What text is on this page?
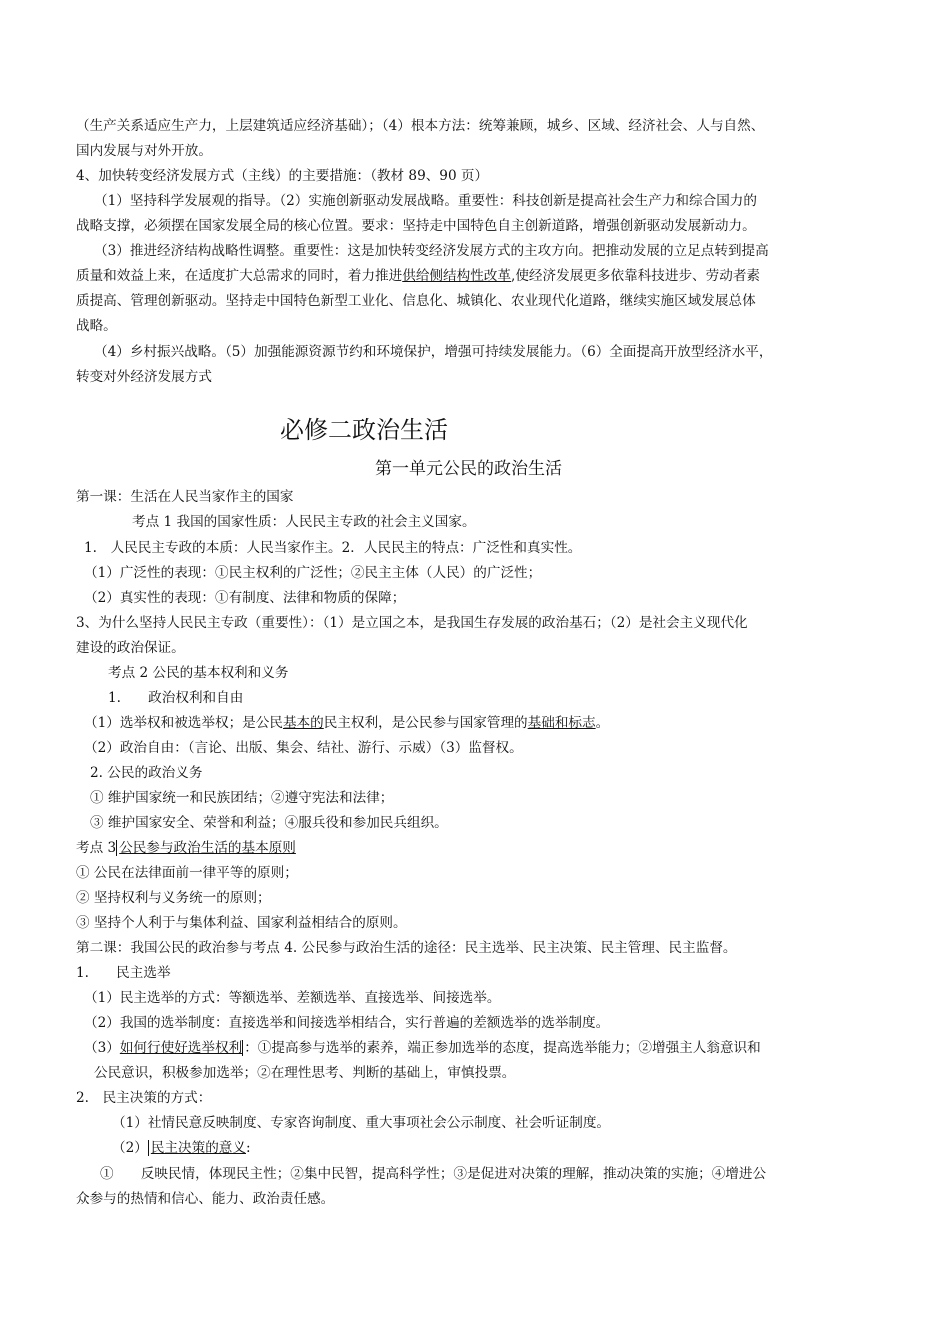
（生产关系适应生产力，上层建筑适应经济基础）；（4）根本方法：统筹兼顾，城乡、区域、经济社会、人与自然、
国内发展与对外开放。
4、加快转变经济发展方式（主线）的主要措施：（教材 89、90 页）
（1）坚持科学发展观的指导。（2）实施创新驱动发展战略。重要性：科技创新是提高社会生产力和综合国力的
战略支撑，必须摆在国家发展全局的核心位置。要求：坚持走中国特色自主创新道路，增强创新驱动发展新动力。
（3）推进经济结构战略性调整。重要性：这是加快转变经济发展方式的主攻方向。把推动发展的立足点转到提高
质量和效益上来，在适度扩大总需求的同时，着力推进供给侧结构性改革,使经济发展更多依靠科技进步、劳动者素
质提高、管理创新驱动。坚持走中国特色新型工业化、信息化、城镇化、农业现代化道路，继续实施区域发展总体
战略。
（4）乡村振兴战略。（5）加强能源资源节约和环境保护，增强可持续发展能力。（6）全面提高开放型经济水平，
转变对外经济发展方式
必修二政治生活
第一单元公民的政治生活
第一课：生活在人民当家作主的国家
考点 1 我国的国家性质：人民民主专政的社会主义国家。
1.　人民民主专政的本质：人民当家作主。2．人民民主的特点：广泛性和真实性。
（1）广泛性的表现：①民主权利的广泛性；②民主主体（人民）的广泛性；
（2）真实性的表现：①有制度、法律和物质的保障；
3、为什么坚持人民民主专政（重要性）：（1）是立国之本，是我国生存发展的政治基石；（2）是社会主义现代化
建设的政治保证。
考点 2 公民的基本权利和义务
1.　　政治权利和自由
（1）选举权和被选举权；是公民基本的民主权利，是公民参与国家管理的基础和标志。
（2）政治自由：（言论、出版、集会、结社、游行、示威）（3）监督权。
2. 公民的政治义务
① 维护国家统一和民族团结；②遵守宪法和法律；
③ 维护国家安全、荣誉和利益；④服兵役和参加民兵组织。
考点 3 公民参与政治生活的基本原则
① 公民在法律面前一律平等的原则；
② 坚持权利与义务统一的原则；
③ 坚持个人利于与集体利益、国家利益相结合的原则。
第二课：我国公民的政治参与考点 4. 公民参与政治生活的途径：民主选举、民主决策、民主管理、民主监督。
1.　　民主选举
（1）民主选举的方式：等额选举、差额选举、直接选举、间接选举。
（2）我国的选举制度：直接选举和间接选举相结合，实行普遍的差额选举的选举制度。
（3）如何行使好选举权利 ：①提高参与选举的素养，端正参加选举的态度，提高选举能力；②增强主人翁意识和
公民意识，积极参加选举；②在理性思考、判断的基础上，审慎投票。
2.　民主决策的方式：
（1）社情民意反映制度、专家咨询制度、重大事项社会公示制度、社会听证制度。
（2） 民主决策的意义:
①　　反映民情，体现民主性；②集中民智，提高科学性；③是促进对决策的理解，推动决策的实施；④增进公
众参与的热情和信心、能力、政治责任感。
